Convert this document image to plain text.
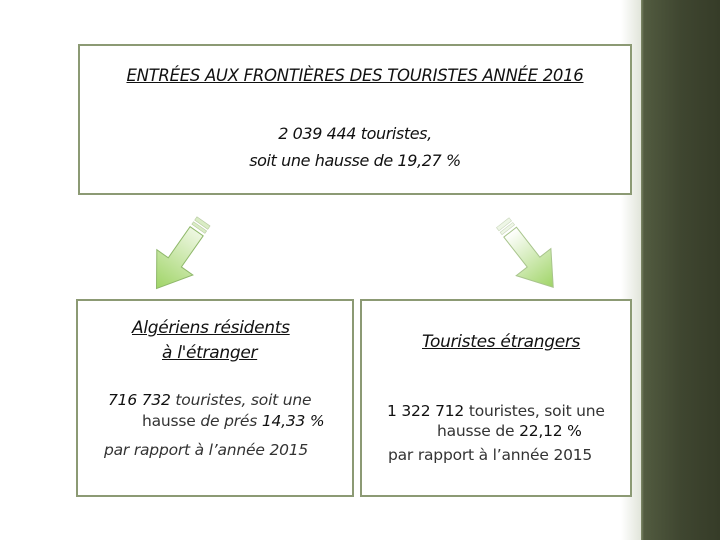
ENTRÉES AUX FRONTIÈRES DES TOURISTES ANNÉE 2016
2 039 444 touristes,
soit une hausse de 19,27 %
Algériens résidents
à l'étranger
716 732 touristes, soit une
hausse de prés 14,33 %
par rapport à l’année 2015
Touristes étrangers
1 322 712 touristes, soit une
hausse de 22,12 %
par rapport à l’année 2015
